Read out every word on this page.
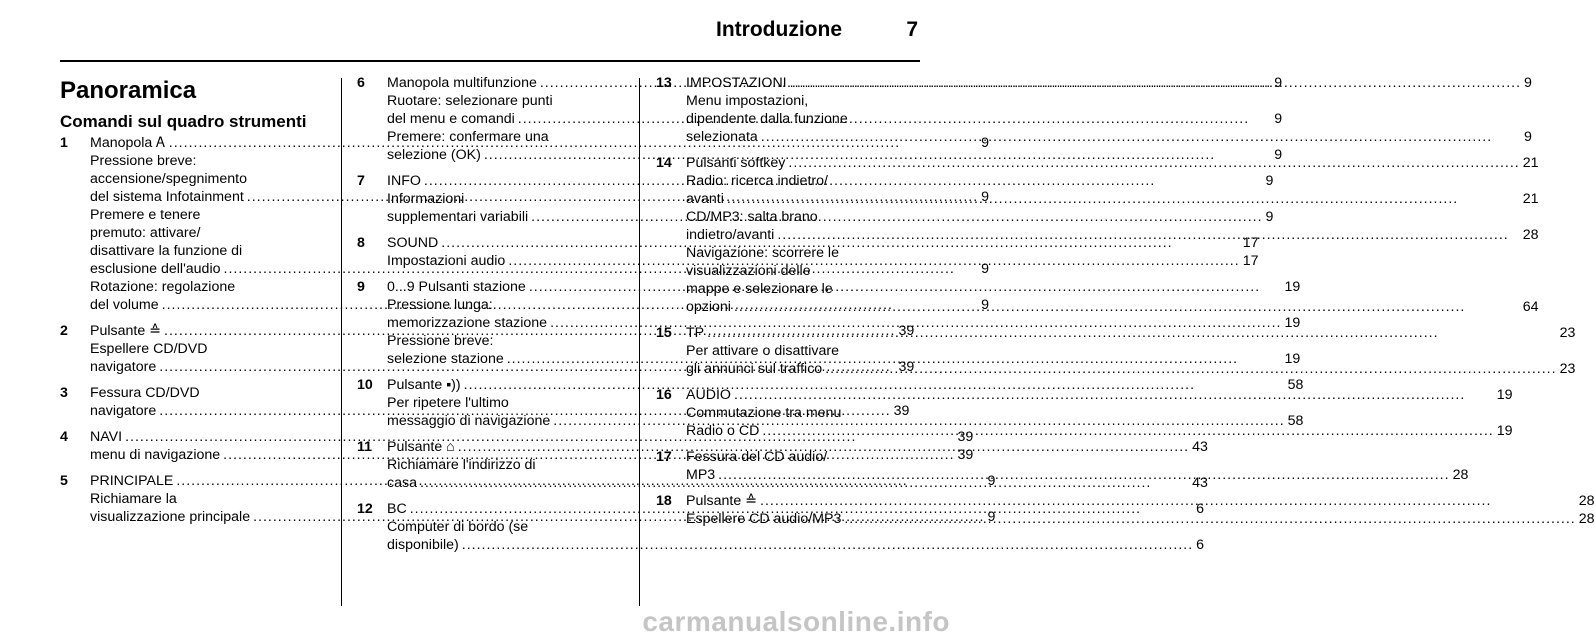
Introduzione	7
Panoramica
Comandi sul quadro strumenti
1	Manopola Ꭺ .....	9
Pressione breve:
accensione/spegnimento
del sistema Infotainment .....	9
Premere e tenere
premuto: attivare/
disattivare la funzione di
esclusione dell'audio .....	9
Rotazione: regolazione
del volume .....	9
2	Pulsante ≙ .....	39
Espellere CD/DVD
navigatore .....	39
3	Fessura CD/DVD
navigatore .....	39
4	NAVI .....	39
menu di navigazione .....	39
5	PRINCIPALE .....	9
Richiamare la
visualizzazione principale .....	9
6	Manopola multifunzione .....	9
Ruotare: selezionare punti
del menu e comandi .....	9
Premere: confermare una
selezione (OK) .....	9
7	INFO .....	9
Informazioni
supplementari variabili .....	9
8	SOUND .....	17
Impostazioni audio .....	17
9	0...9 Pulsanti stazione .....	19
Pressione lunga:
memorizzazione stazione .....	19
Pressione breve:
selezione stazione .....	19
10	Pulsante ▪)) .....	58
Per ripetere l'ultimo
messaggio di navigazione .....	58
11	Pulsante ⌂ .....	43
Richiamare l'indirizzo di
casa .....	43
12	BC .....	6
Computer di bordo (se
disponibile) .....	6
13	IMPOSTAZIONI .....	9
Menu impostazioni,
dipendente dalla funzione
selezionata .....	9
14	Pulsanti softkey .....	21
Radio: ricerca indietro/
avanti .....	21
CD/MP3: salta brano
indietro/avanti .....	28
Navigazione: scorrere le
visualizzazioni delle
mappe e selezionare le
opzioni .....	64
15	TP .....	23
Per attivare o disattivare
gli annunci sul traffico .....	23
16	AUDIO .....	19
Commutazione tra menu
Radio o CD .....	19
17	Fessura del CD audio/
MP3 .....	28
18	Pulsante ≙ .....	28
Espellere CD audio/MP3 .....	28
carmanualsonline.info
